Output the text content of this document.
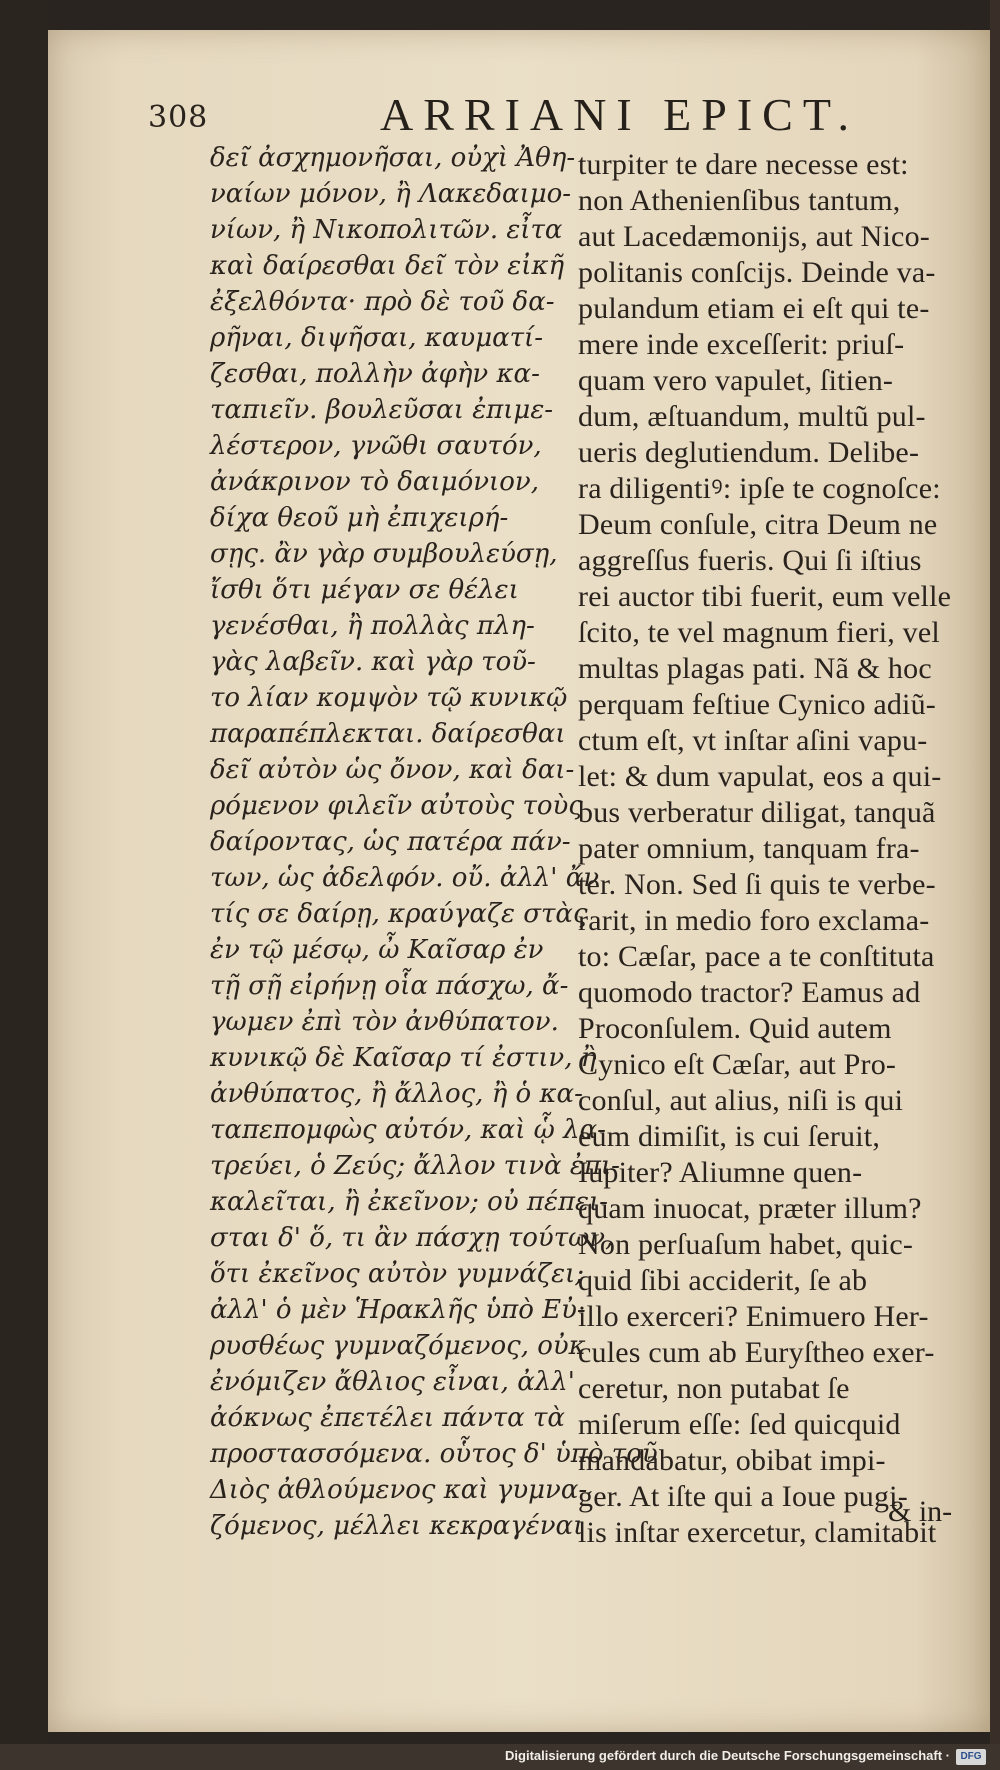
308	ARRIANI EPICT.
δεῖ ἀσχημονῆσαι, οὐχὶ Ἀθη-
ναίων μόνον, ἢ Λακεδαιμο-
νίων, ἢ Νικοπολιτῶν. εἶτα
καὶ δαίρεσθαι δεῖ τὸν εἰκῆ
ἐξελθόντα· πρὸ δὲ τοῦ δα-
ρῆναι, διψῆσαι, καυματί-
ζεσθαι, πολλὴν ἀφὴν κα-
ταπιεῖν. βουλεῦσαι ἐπιμε-
λέστερον, γνῶθι σαυτόν,
ἀνάκρινον τὸ δαιμόνιον,
δίχα θεοῦ μὴ ἐπιχειρή-
σῃς. ἂν γὰρ συμβουλεύσῃ,
ἴσθι ὅτι μέγαν σε θέλει
γενέσθαι, ἢ πολλὰς πλη-
γὰς λαβεῖν. καὶ γὰρ τοῦ-
το λίαν κομψὸν τῷ κυνικῷ
παραπέπλεκται. δαίρεσθαι
δεῖ αὐτὸν ὡς ὄνον, καὶ δαι-
ρόμενον φιλεῖν αὐτοὺς τοὺς
δαίροντας, ὡς πατέρα πάν-
των, ὡς ἀδελφόν. οὔ. ἀλλ' ἄν
τίς σε δαίρῃ, κραύγαζε στὰς
ἐν τῷ μέσῳ, ὦ Καῖσαρ ἐν
τῇ σῇ εἰρήνῃ οἷα πάσχω, ἄ-
γωμεν ἐπὶ τὸν ἀνθύπατον.
κυνικῷ δὲ Καῖσαρ τί ἐστιν, ἢ
ἀνθύπατος, ἢ ἄλλος, ἢ ὁ κα-
ταπεπομφὼς αὐτόν, καὶ ᾧ λα-
τρεύει, ὁ Ζεύς; ἄλλον τινὰ ἐπι-
καλεῖται, ἢ ἐκεῖνον; οὐ πέπει-
σται δ' ὅ, τι ἂν πάσχῃ τούτων,
ὅτι ἐκεῖνος αὐτὸν γυμνάζει;
ἀλλ' ὁ μὲν Ἡρακλῆς ὑπὸ Εὐ-
ρυσθέως γυμναζόμενος, οὐκ
ἐνόμιζεν ἄθλιος εἶναι, ἀλλ'
ἀόκνως ἐπετέλει πάντα τὰ
προστασσόμενα. οὗτος δ' ὑπὸ τοῦ
Διὸς ἀθλούμενος καὶ γυμνα-
ζόμενος, μέλλει κεκραγέναι
turpiter te dare necesse est:
non Athenienſibus tantum,
aut Lacedæmonijs, aut Nico-
politanis conſcijs. Deinde va-
pulandum etiam ei eſt qui te-
mere inde exceſſerit: priuſ-
quam vero vapulet, ſitien-
dum, æſtuandum, multũ pul-
ueris deglutiendum. Delibe-
ra diligentiꝰ: ipſe te cognoſce:
Deum conſule, citra Deum ne
aggreſſus fueris. Qui ſi iſtius
rei auctor tibi fuerit, eum velle
ſcito, te vel magnum fieri, vel
multas plagas pati. Nã & hoc
perquam feſtiue Cynico adiũ-
ctum eſt, vt inſtar aſini vapu-
let: & dum vapulat, eos a qui-
bus verberatur diligat, tanquã
pater omnium, tanquam fra-
ter. Non. Sed ſi quis te verbe-
rarit, in medio foro exclama-
to: Cæſar, pace a te conſtituta
quomodo tractor? Eamus ad
Proconſulem. Quid autem
Cynico eſt Cæſar, aut Pro-
conſul, aut alius, niſi is qui
eum dimiſit, is cui ſeruit,
Iupiter? Aliumne quen-
quam inuocat, præter illum?
Non perſuaſum habet, quic-
quid ſibi acciderit, ſe ab
illo exerceri? Enimuero Her-
cules cum ab Euryſtheo exer-
ceretur, non putabat ſe
miſerum eſſe: ſed quicquid
mandabatur, obibat impi-
ger. At iſte qui a Ioue pugi-
lis inſtar exercetur, clamitabit
& in-
Digitalisierung gefördert durch die Deutsche Forschungsgemeinschaft ·	DFG
